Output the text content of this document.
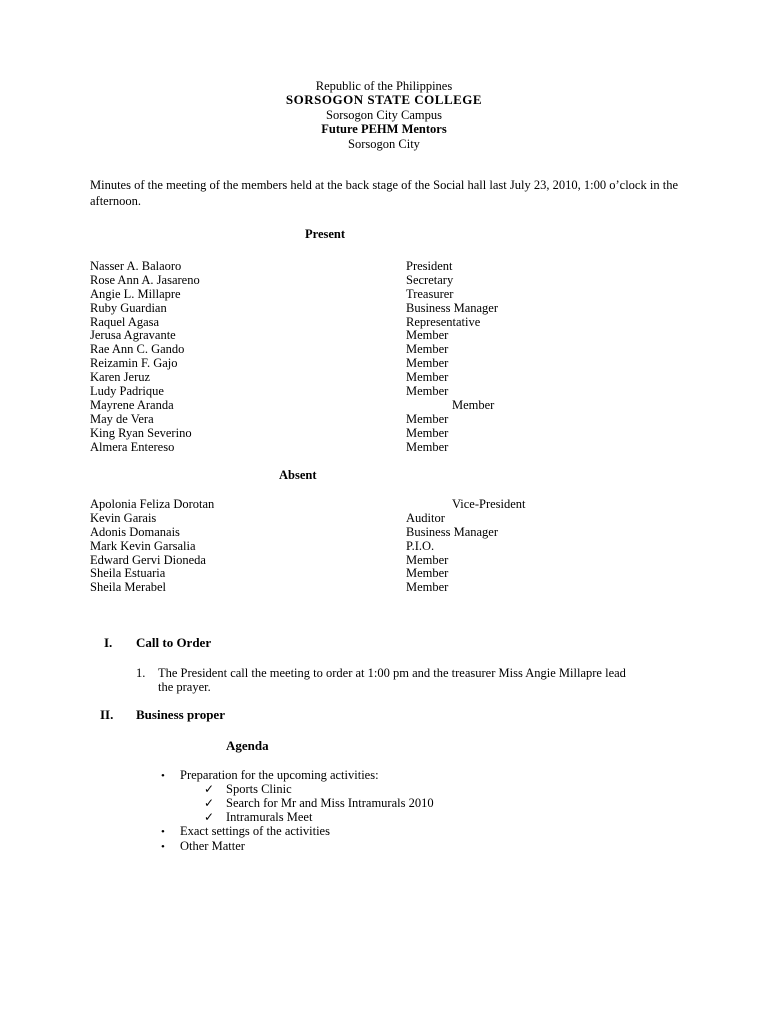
Republic of the Philippines
SORSOGON STATE COLLEGE
Sorsogon City Campus
Future PEHM Mentors
Sorsogon City
Minutes of the meeting of the members held at the back stage of the Social hall last July 23, 2010, 1:00 o’clock in the afternoon.
Present
Nasser A. Balaoro	President
Rose Ann A. Jasareno	Secretary
Angie L. Millapre	Treasurer
Ruby Guardian	Business Manager
Raquel Agasa	Representative
Jerusa Agravante	Member
Rae Ann C. Gando	Member
Reizamin F. Gajo	Member
Karen Jeruz	Member
Ludy Padrique	Member
Mayrene Aranda	Member
May de Vera	Member
King Ryan Severino	Member
Almera Entereso	Member
Absent
Apolonia Feliza Dorotan	Vice-President
Kevin Garais	Auditor
Adonis Domanais	Business Manager
Mark Kevin Garsalia	P.I.O.
Edward Gervi Dioneda	Member
Sheila Estuaria	Member
Sheila Merabel	Member
I. Call to Order
1. The President call the meeting to order at 1:00 pm and the treasurer Miss Angie Millapre lead
the prayer.
II. Business proper
Agenda
• Preparation for the upcoming activities:
✓ Sports Clinic
✓ Search for Mr and Miss Intramurals 2010
✓ Intramurals Meet
• Exact settings of the activities
• Other Matter
